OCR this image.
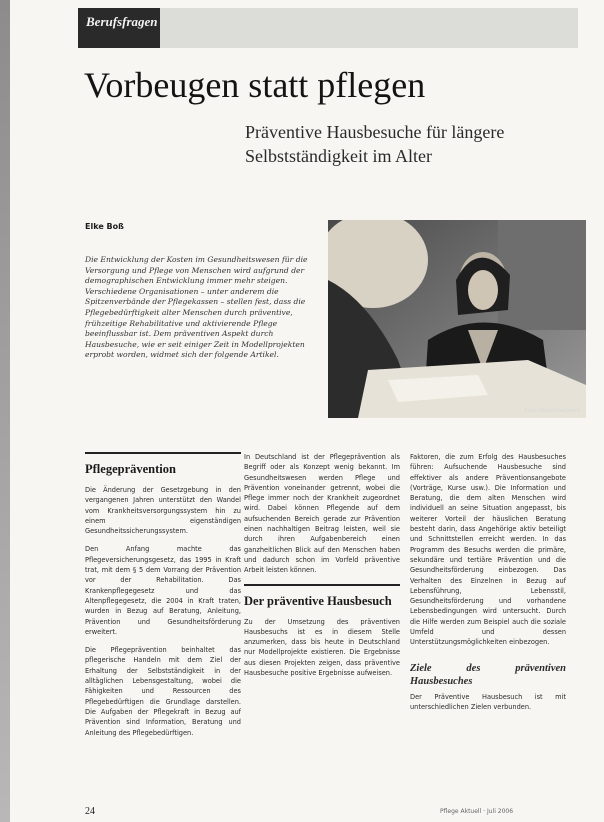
Berufsfragen
Vorbeugen statt pflegen
Präventive Hausbesuche für längere Selbstständigkeit im Alter
Elke Boß
Die Entwicklung der Kosten im Gesundheitswesen für die Versorgung und Pflege von Menschen wird aufgrund der demographischen Entwicklung immer mehr steigen. Verschiedene Organisationen – unter anderem die Spitzenverbände der Pflegekassen – stellen fest, dass die Pflegebedürftigkeit alter Menschen durch präventive, frühzeitige Rehabilitative und aktivierende Pflege beeinflussbar ist. Dem präventiven Aspekt durch Hausbesuche, wie er seit einiger Zeit in Modellprojekten erprobt worden, widmet sich der folgende Artikel.
Foto: Gesundheitsamt
Pflegeprävention

Die Änderung der Gesetzgebung in den vergangenen Jahren unterstützt den Wandel vom Krankheitsversorgungssystem hin zu einem eigenständigen Gesundheitssicherungssystem.

Den Anfang machte das Pflegeversicherungsgesetz, das 1995 in Kraft trat, mit dem § 5 dem Vorrang der Prävention vor der Rehabilitation. Das Krankenpflegegesetz und das Altenpflegegesetz, die 2004 in Kraft traten, wurden in Bezug auf Beratung, Anleitung, Prävention und Gesundheitsförderung erweitert.

Die Pflegeprävention beinhaltet das pflegerische Handeln mit dem Ziel der Erhaltung der Selbstständigkeit in der alltäglichen Lebensgestaltung, wobei die Fähigkeiten und Ressourcen des Pflegebedürftigen die Grundlage darstellen. Die Aufgaben der Pflegekraft in Bezug auf Prävention sind Information, Beratung und Anleitung des Pflegebedürftigen.

In Deutschland ist der Pflegeprävention als Begriff oder als Konzept wenig bekannt. Im Gesundheitswesen werden Pflege und Prävention voneinander getrennt, wobei die Pflege immer noch der Krankheit zugeordnet wird. Dabei können Pflegende auf dem aufsuchenden Bereich gerade zur Prävention einen nachhaltigen Beitrag leisten, weil sie durch ihren Aufgabenbereich einen ganzheitlichen Blick auf den Menschen haben und dadurch schon im Vorfeld präventive Arbeit leisten können.

Der präventive Hausbesuch

Zu der Umsetzung des präventiven Hausbesuchs ist es in diesem Stelle anzumerken, dass bis heute in Deutschland nur Modellprojekte existieren. Die Ergebnisse aus diesen Projekten zeigen, dass präventive Hausbesuche positive Ergebnisse aufweisen.

Faktoren, die zum Erfolg des Hausbesuches führen: Aufsuchende Hausbesuche sind effektiver als andere Präventionsangebote (Vorträge, Kurse usw.). Die Information und Beratung, die dem alten Menschen wird individuell an seine Situation angepasst, bis weiterer Vorteil der häuslichen Beratung besteht darin, dass Angehörige aktiv beteiligt und Schnittstellen erreicht werden. In das Programm des Besuchs werden die primäre, sekundäre und tertiäre Prävention und die Gesundheitsförderung einbezogen. Das Verhalten des Einzelnen in Bezug auf Lebensführung, Lebensstil, Gesundheitsförderung und vorhandene Lebensbedingungen wird untersucht. Durch die Hilfe werden zum Beispiel auch die soziale Umfeld und dessen Unterstützungsmöglichkeiten einbezogen.

Ziele des präventiven Hausbesuches

Der Präventive Hausbesuch ist mit unterschiedlichen Zielen verbunden.

24	Pflege Aktuell · Juli 2006
